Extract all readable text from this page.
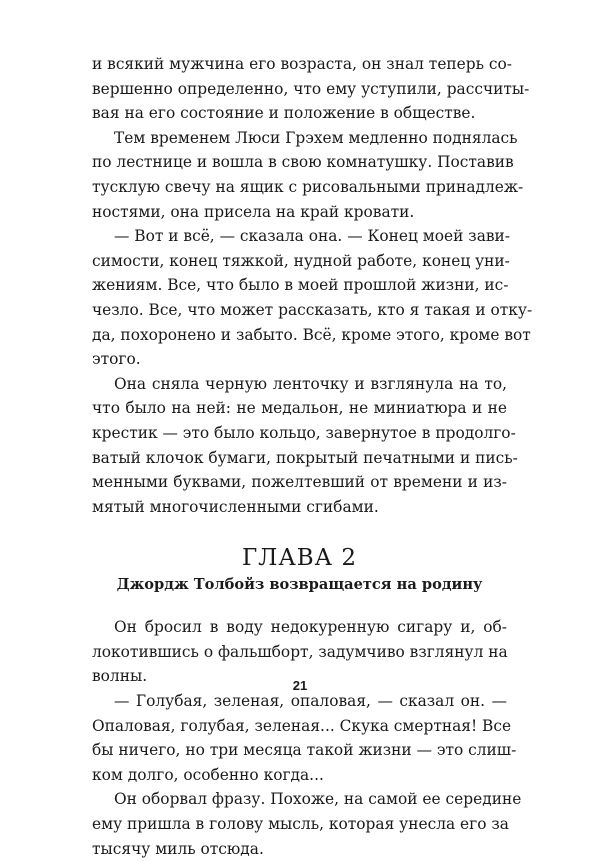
и всякий мужчина его возраста, он знал теперь со-
вершенно определенно, что ему уступили, рассчиты-
вая на его состояние и положение в обществе.
Тем временем Люси Грэхем медленно поднялась
по лестнице и вошла в свою комнатушку. Поставив
тусклую свечу на ящик с рисовальными принадлеж-
ностями, она присела на край кровати.
— Вот и всё, — сказала она. — Конец моей зави-
симости, конец тяжкой, нудной работе, конец уни-
жениям. Все, что было в моей прошлой жизни, ис-
чезло. Все, что может рассказать, кто я такая и отку-
да, похоронено и забыто. Всё, кроме этого, кроме вот
этого.
Она сняла черную ленточку и взглянула на то,
что было на ней: не медальон, не миниатюра и не
крестик — это было кольцо, завернутое в продолго-
ватый клочок бумаги, покрытый печатными и пись-
менными буквами, пожелтевший от времени и из-
мятый многочисленными сгибами.
ГЛАВА 2
Джордж Толбойз возвращается на родину
Он бросил в воду недокуренную сигару и, об-
локотившись о фальшборт, задумчиво взглянул на
волны.
— Голубая, зеленая, опаловая, — сказал он. —
Опаловая, голубая, зеленая... Скука смертная! Все
бы ничего, но три месяца такой жизни — это слиш-
ком долго, особенно когда...
Он оборвал фразу. Похоже, на самой ее середине
ему пришла в голову мысль, которая унесла его за
тысячу миль отсюда.
21
